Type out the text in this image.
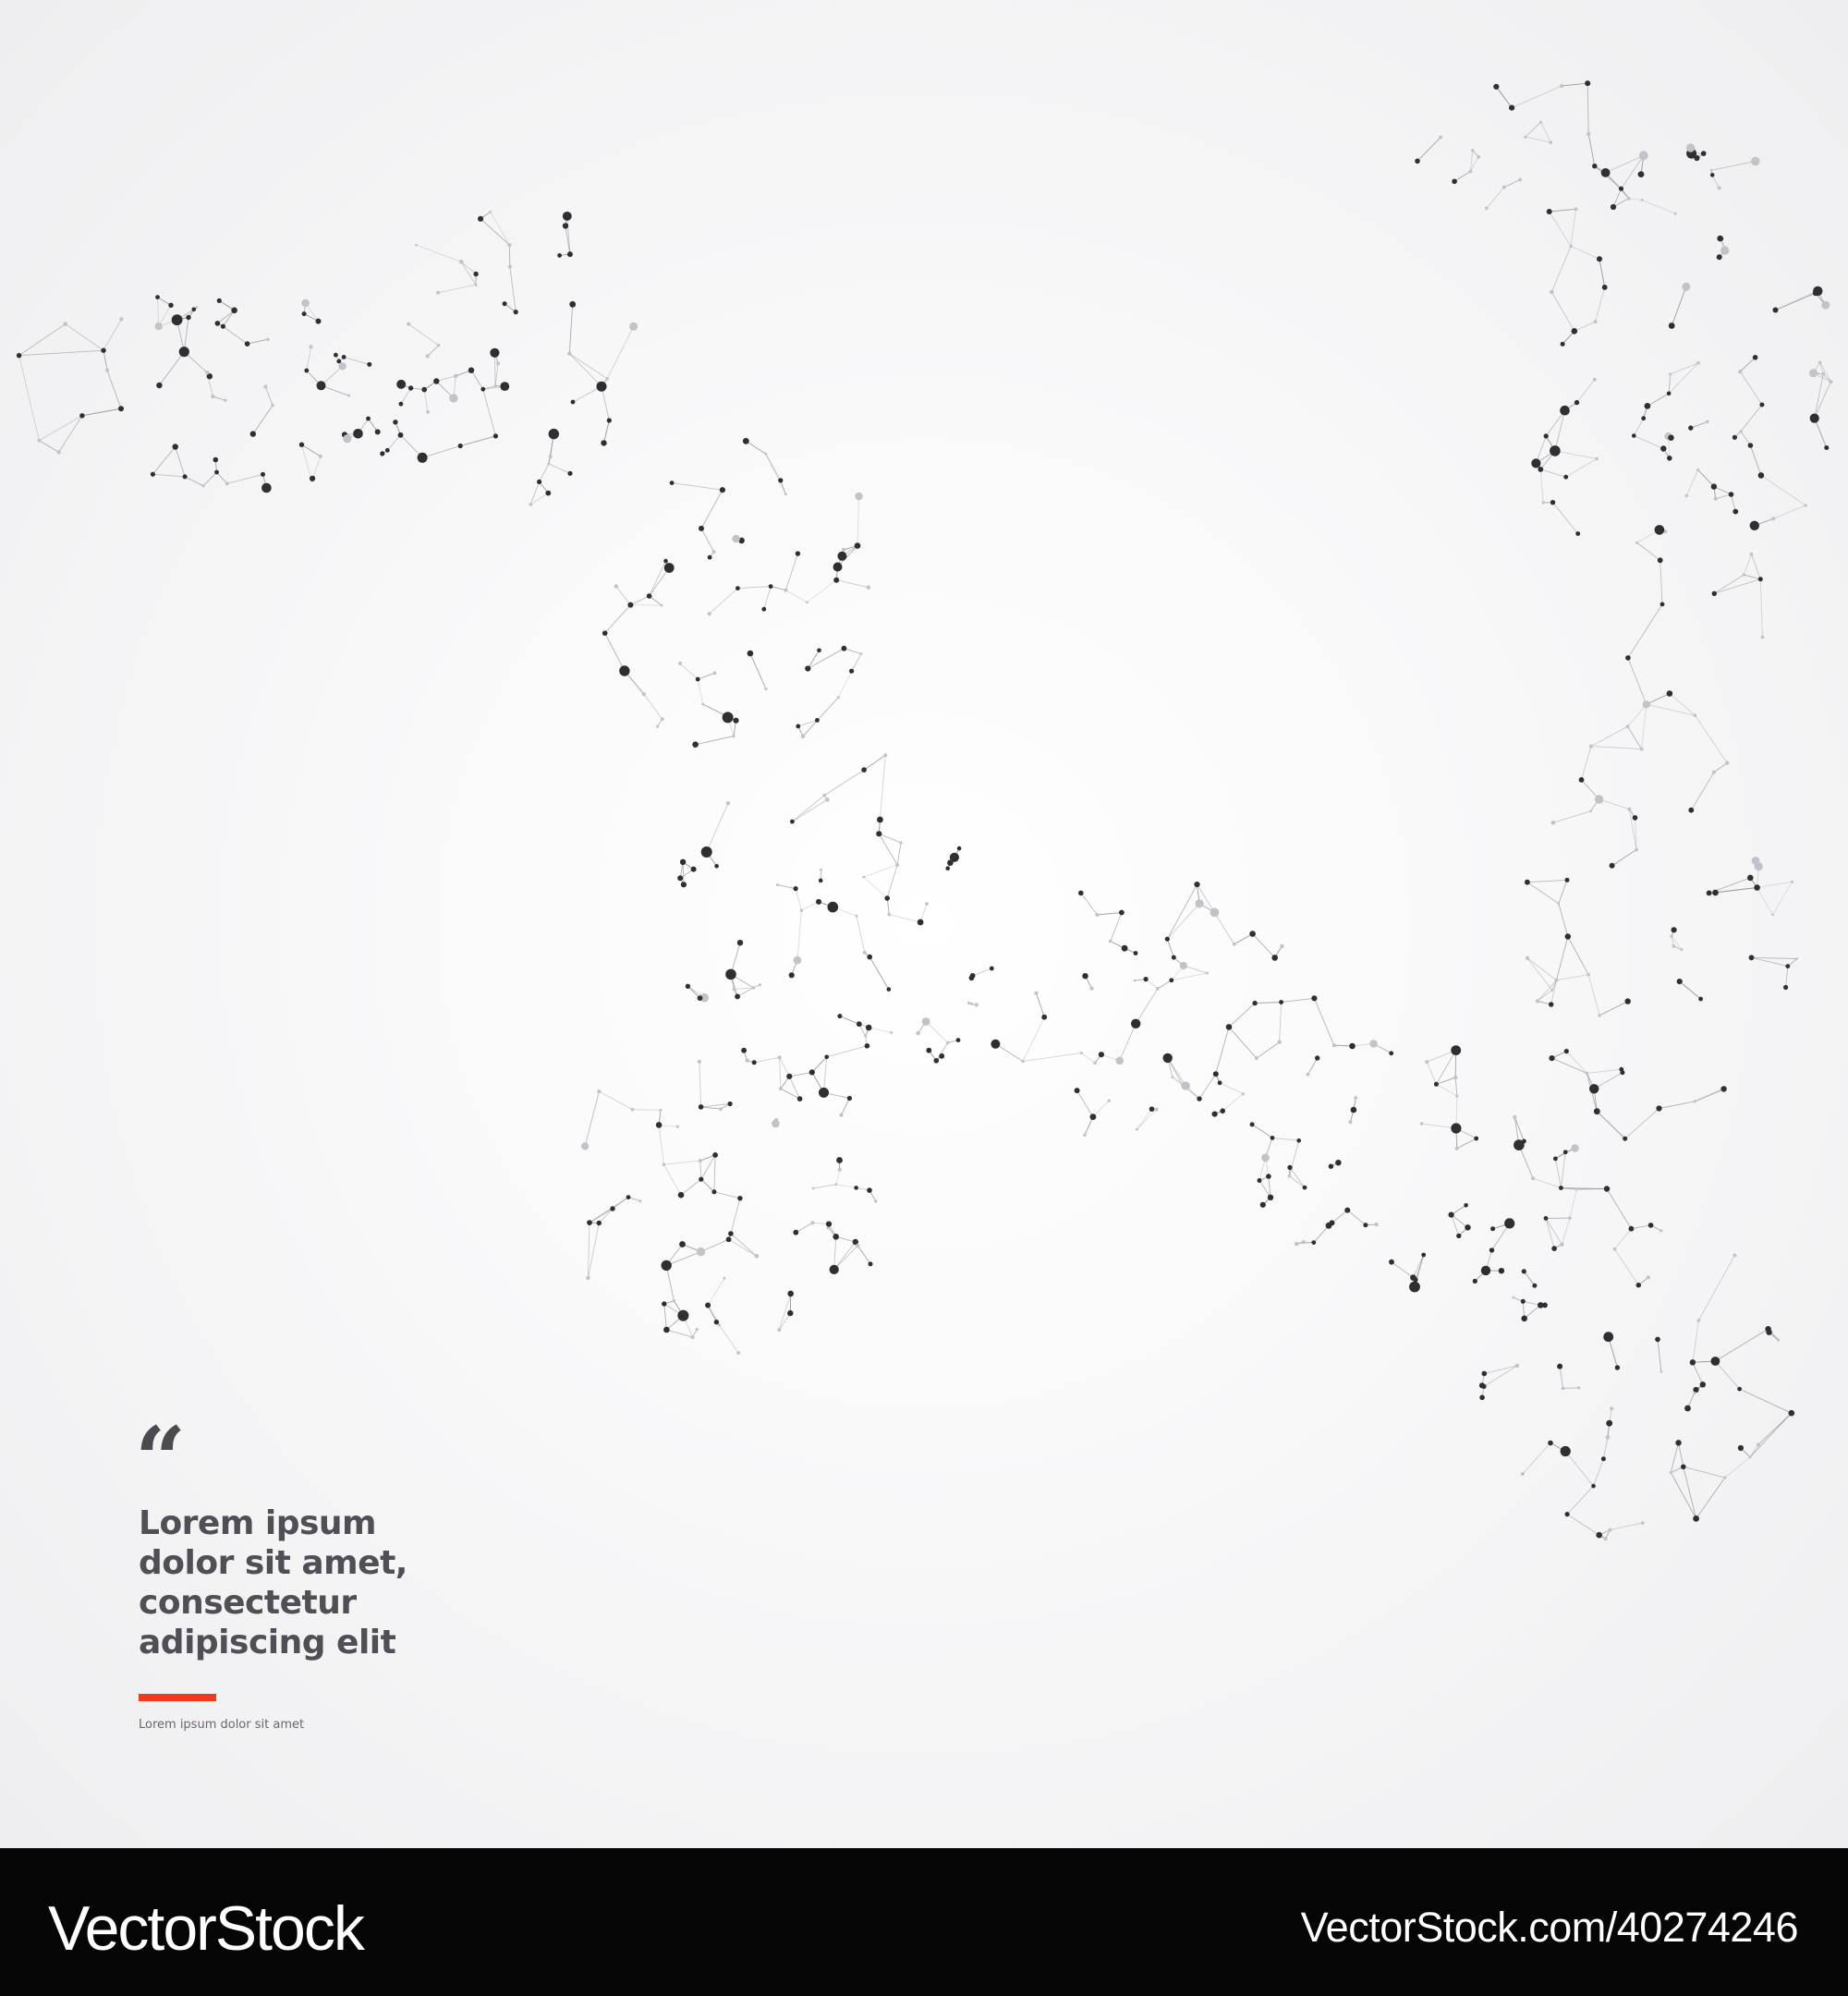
“
Lorem ipsum
dolor sit amet,
consectetur
adipiscing elit
Lorem ipsum dolor sit amet
VectorStock	VectorStock.com/40274246
